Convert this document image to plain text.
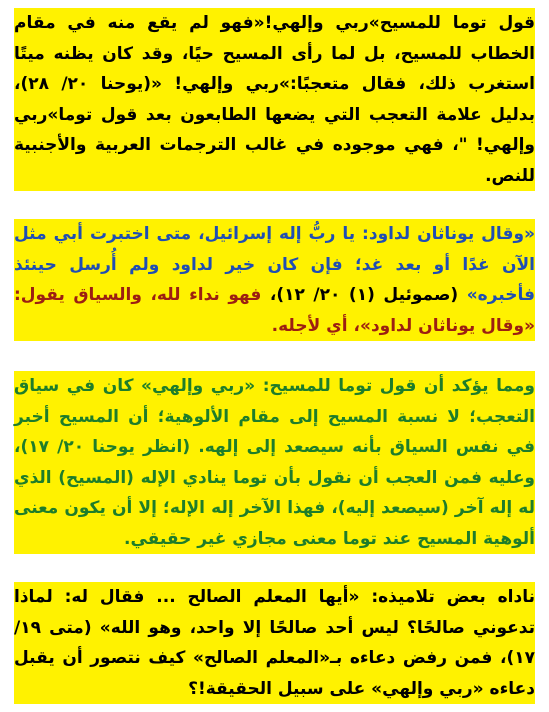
قول توما للمسيح»ربي وإلهي!«فهو لم يقع منه في مقام الخطاب للمسيح، بل لما رأى المسيح حيًا، وقد كان يظنه ميتًا استغرب ذلك، فقال متعجبًا:»ربي وإلهي! «(يوحنا ٢٠/ ٢٨)، بدليل علامة التعجب التي يضعها الطابعون بعد قول توما»ربي وإلهي! "، فهي موجوده في غالب الترجمات العربية والأجنبية للنص.

«وقال يوناثان لداود: يا ربُّ إله إسرائيل، متى اختبرت أبي مثل الآن غدًا أو بعد غد؛ فإن كان خير لداود ولم أُرسل حينئذ فأخبره» (صموئيل (١) ٢٠/ ١٢)، فهو نداء لله، والسياق يقول: «وقال يوناثان لداود»، أي لأجله.

ومما يؤكد أن قول توما للمسيح: «ربي وإلهي» كان في سياق التعجب؛ لا نسبة المسيح إلى مقام الألوهية؛ أن المسيح أخبر في نفس السياق بأنه سيصعد إلى إلهه. (انظر يوحنا ٢٠/ ١٧)، وعليه فمن العجب أن نقول بأن توما ينادي الإله (المسيح) الذي له إله آخر (سيصعد إليه)، فهذا الآخر إله الإله؛ إلا أن يكون معنى ألوهية المسيح عند توما معنى مجازي غير حقيقي.

ناداه بعض تلاميذه: «أيها المعلم الصالح ... فقال له: لماذا تدعوني صالحًا؟ ليس أحد صالحًا إلا واحد، وهو الله» (متى ١٩/ ١٧)، فمن رفض دعاءه بـ«المعلم الصالح» كيف نتصور أن يقبل دعاءه «ربي وإلهي» على سبيل الحقيقة!؟
